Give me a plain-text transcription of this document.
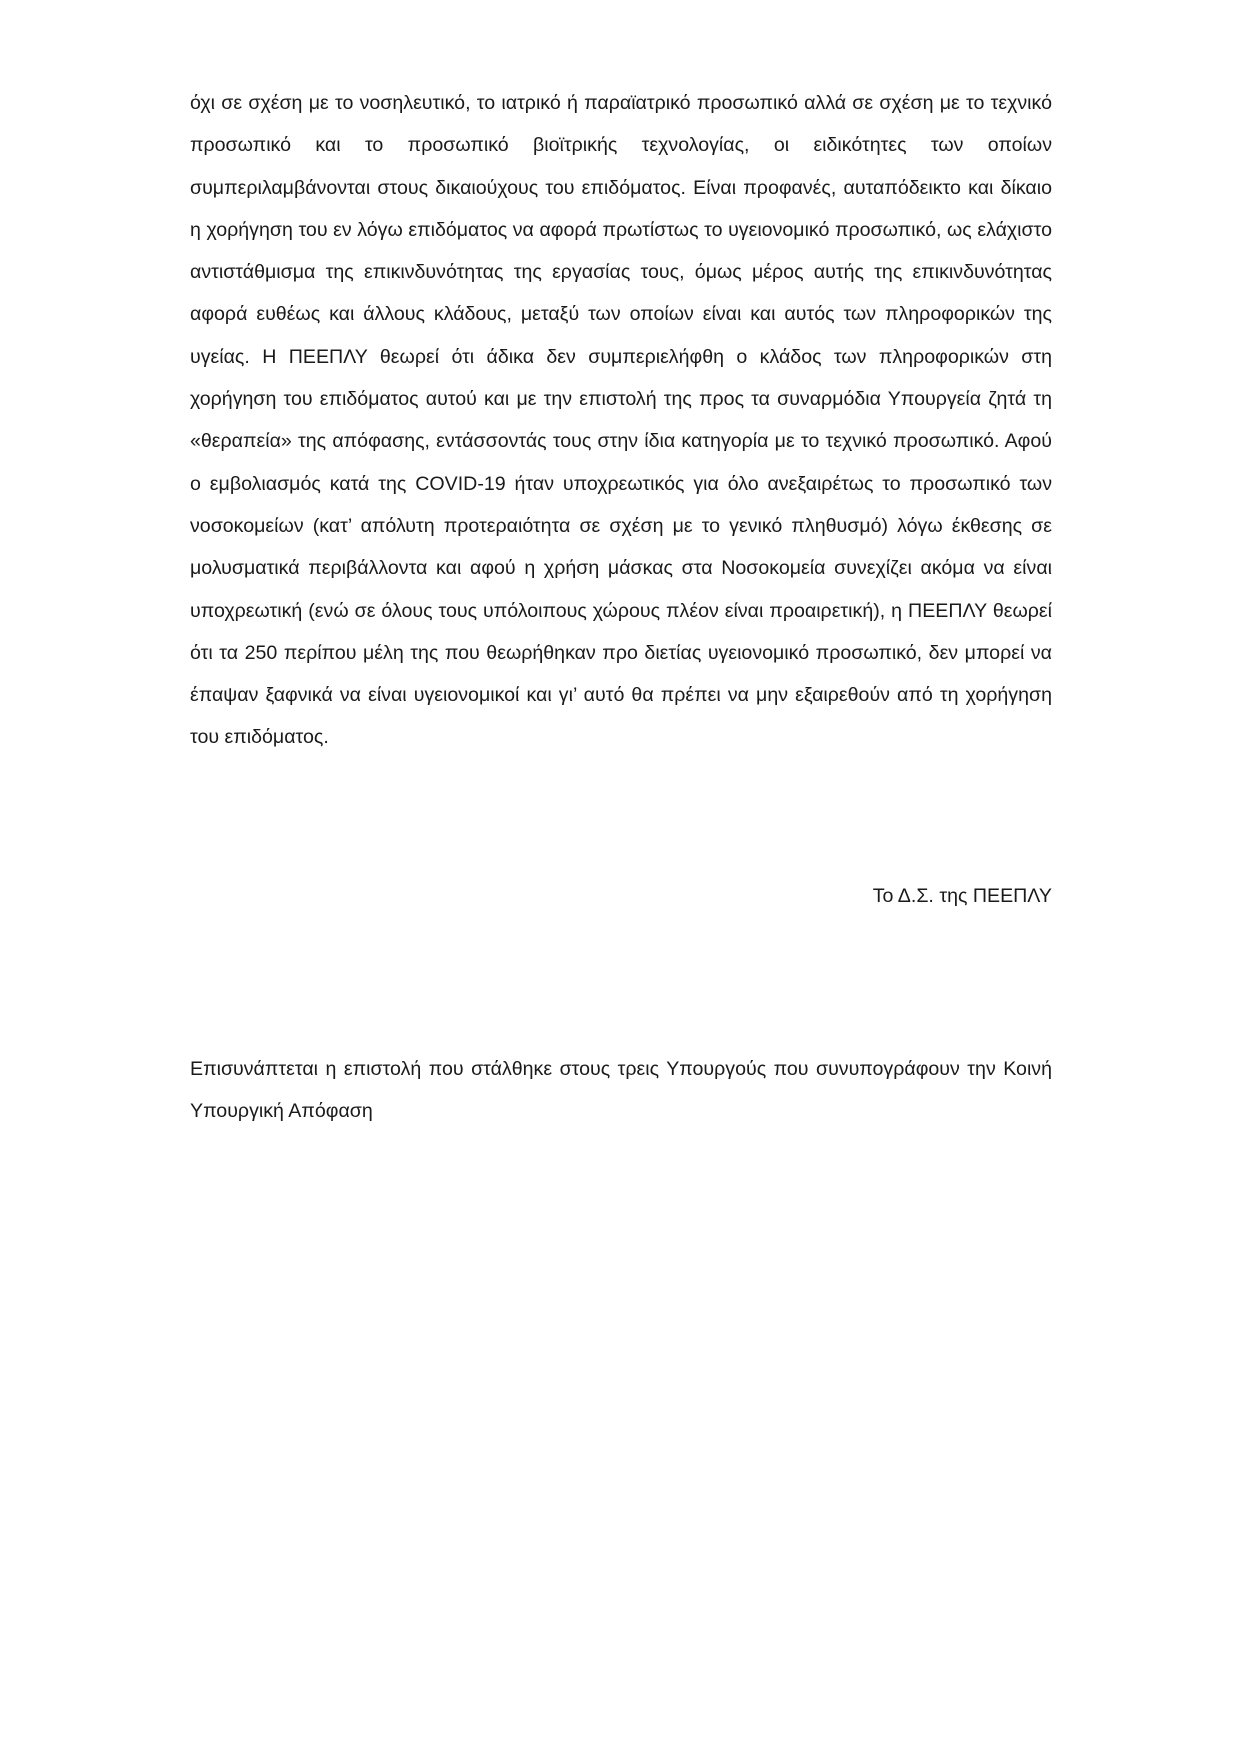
όχι σε σχέση με το νοσηλευτικό, το ιατρικό ή παραϊατρικό προσωπικό αλλά σε σχέση με το τεχνικό προσωπικό και το προσωπικό βιοϊτρικής τεχνολογίας, οι ειδικότητες των οποίων συμπεριλαμβάνονται στους δικαιούχους του επιδόματος. Είναι προφανές, αυταπόδεικτο και δίκαιο η χορήγηση του εν λόγω επιδόματος να αφορά πρωτίστως το υγειονομικό προσωπικό, ως ελάχιστο αντιστάθμισμα της επικινδυνότητας της εργασίας τους, όμως μέρος αυτής της επικινδυνότητας αφορά ευθέως και άλλους κλάδους, μεταξύ των οποίων είναι και αυτός των πληροφορικών της υγείας. Η ΠΕΕΠΛΥ θεωρεί ότι άδικα δεν συμπεριελήφθη ο κλάδος των πληροφορικών στη χορήγηση του επιδόματος αυτού και με την επιστολή της προς τα συναρμόδια Υπουργεία ζητά τη «θεραπεία» της απόφασης, εντάσσοντάς τους στην ίδια κατηγορία με το τεχνικό προσωπικό. Αφού ο εμβολιασμός κατά της COVID-19 ήταν υποχρεωτικός για όλο ανεξαιρέτως το προσωπικό των νοσοκομείων (κατ’ απόλυτη προτεραιότητα σε σχέση με το γενικό πληθυσμό) λόγω έκθεσης σε μολυσματικά περιβάλλοντα και αφού η χρήση μάσκας στα Νοσοκομεία συνεχίζει ακόμα να είναι υποχρεωτική (ενώ σε όλους τους υπόλοιπους χώρους πλέον είναι προαιρετική), η ΠΕΕΠΛΥ θεωρεί ότι τα 250 περίπου μέλη της που θεωρήθηκαν προ διετίας υγειονομικό προσωπικό, δεν μπορεί να έπαψαν ξαφνικά να είναι υγειονομικοί και γι’ αυτό θα πρέπει να μην εξαιρεθούν από τη χορήγηση του επιδόματος.

Το Δ.Σ. της ΠΕΕΠΛΥ

Επισυνάπτεται η επιστολή που στάλθηκε στους τρεις Υπουργούς που συνυπογράφουν την Κοινή Υπουργική Απόφαση
